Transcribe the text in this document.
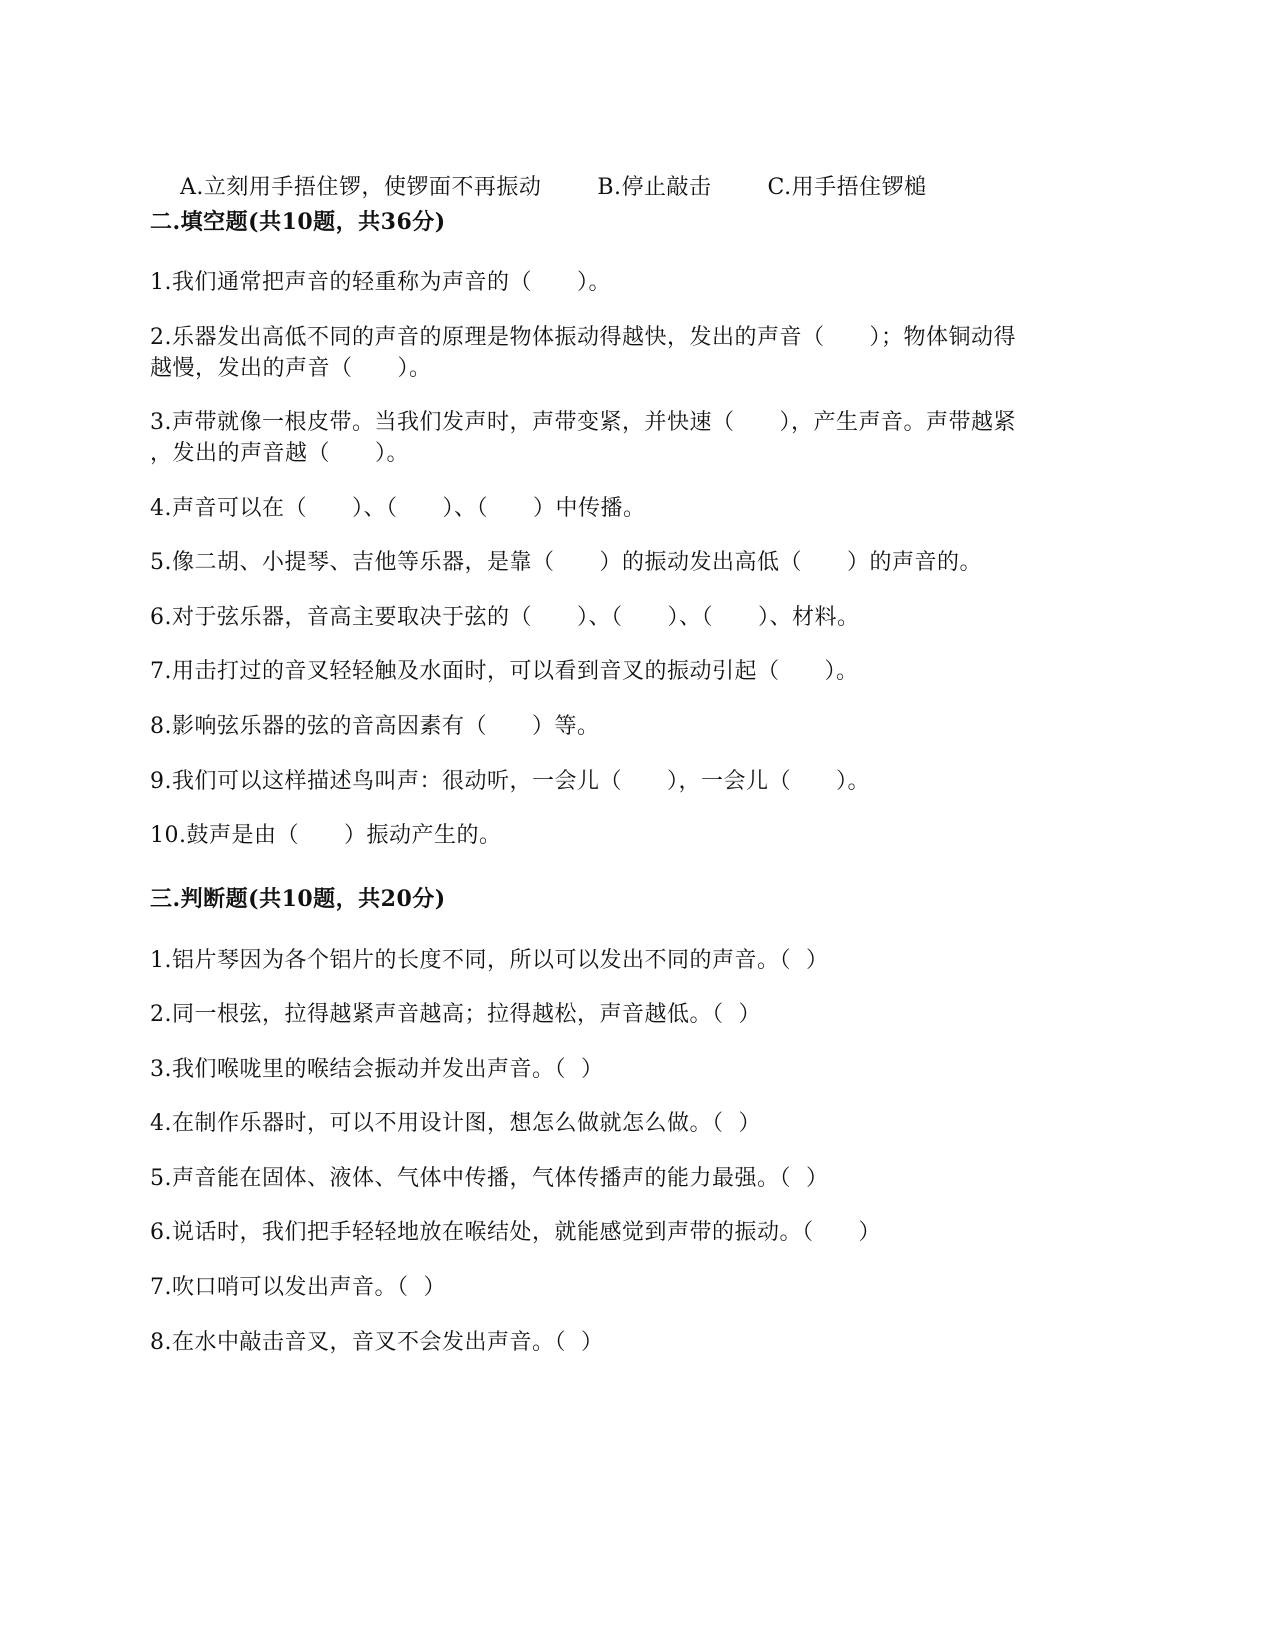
A.立刻用手捂住锣，使锣面不再振动	B.停止敲击	C.用手捂住锣槌

二.填空题(共10题，共36分)
1.我们通常把声音的轻重称为声音的（　　）。
2.乐器发出高低不同的声音的原理是物体振动得越快，发出的声音（　　）；物体铜动得
越慢，发出的声音（　　）。
3.声带就像一根皮带。当我们发声时，声带变紧，并快速（　　），产生声音。声带越紧
，发出的声音越（　　）。
4.声音可以在（　　）、（　　）、（　　）中传播。
5.像二胡、小提琴、吉他等乐器，是靠（　　）的振动发出高低（　　）的声音的。
6.对于弦乐器，音高主要取决于弦的（　　）、（　　）、（　　）、材料。
7.用击打过的音叉轻轻触及水面时，可以看到音叉的振动引起（　　）。
8.影响弦乐器的弦的音高因素有（　　）等。
9.我们可以这样描述鸟叫声：很动听，一会儿（　　），一会儿（　　）。
10.鼓声是由（　　）振动产生的。
三.判断题(共10题，共20分)
1.铝片琴因为各个铝片的长度不同，所以可以发出不同的声音。（  ）
2.同一根弦，拉得越紧声音越高；拉得越松，声音越低。（  ）
3.我们喉咙里的喉结会振动并发出声音。（  ）
4.在制作乐器时，可以不用设计图，想怎么做就怎么做。（  ）
5.声音能在固体、液体、气体中传播，气体传播声的能力最强。（  ）
6.说话时，我们把手轻轻地放在喉结处，就能感觉到声带的振动。（　　）
7.吹口哨可以发出声音。（  ）
8.在水中敲击音叉，音叉不会发出声音。（  ）
